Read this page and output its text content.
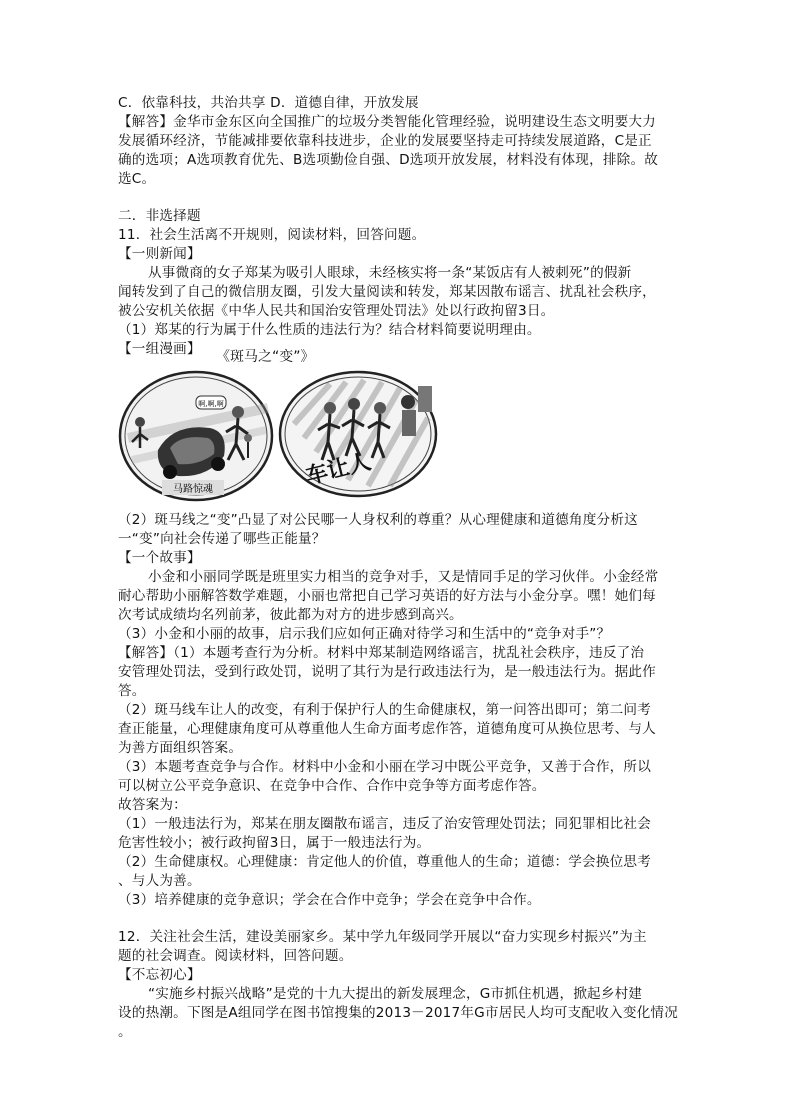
C．依靠科技，共治共享 D．道德自律，开放发展
【解答】金华市金东区向全国推广的垃圾分类智能化管理经验，说明建设生态文明要大力
发展循环经济，节能减排要依靠科技进步，企业的发展要坚持走可持续发展道路，C是正
确的选项；A选项教育优先、B选项勤俭自强、D选项开放发展，材料没有体现，排除。故
选C。
二．非选择题
11．社会生活离不开规则，阅读材料，回答问题。
【一则新闻】
从事微商的女子郑某为吸引人眼球，未经核实将一条“某饭店有人被刺死”的假新
闻转发到了自己的微信朋友圈，引发大量阅读和转发，郑某因散布谣言、扰乱社会秩序，
被公安机关依据《中华人民共和国治安管理处罚法》处以行政拘留3日。
（1）郑某的行为属于什么性质的违法行为？结合材料简要说明理由。
【一组漫画】	《斑马之“变”》
啊,啊,啊
马路惊魂	车让人
（2）斑马线之“变”凸显了对公民哪一人身权利的尊重？从心理健康和道德角度分析这
一“变”向社会传递了哪些正能量？
【一个故事】
小金和小丽同学既是班里实力相当的竞争对手，又是情同手足的学习伙伴。小金经常
耐心帮助小丽解答数学难题，小丽也常把自己学习英语的好方法与小金分享。嘿！她们每
次考试成绩均名列前茅，彼此都为对方的进步感到高兴。
（3）小金和小丽的故事，启示我们应如何正确对待学习和生活中的“竞争对手”？
【解答】（1）本题考查行为分析。材料中郑某制造网络谣言，扰乱社会秩序，违反了治
安管理处罚法，受到行政处罚，说明了其行为是行政违法行为，是一般违法行为。据此作
答。
（2）斑马线车让人的改变，有利于保护行人的生命健康权，第一问答出即可；第二问考
查正能量，心理健康角度可从尊重他人生命方面考虑作答，道德角度可从换位思考、与人
为善方面组织答案。
（3）本题考查竞争与合作。材料中小金和小丽在学习中既公平竞争，又善于合作，所以
可以树立公平竞争意识、在竞争中合作、合作中竞争等方面考虑作答。
故答案为：
（1）一般违法行为，郑某在朋友圈散布谣言，违反了治安管理处罚法；同犯罪相比社会
危害性较小；被行政拘留3日，属于一般违法行为。
（2）生命健康权。心理健康：肯定他人的价值，尊重他人的生命；道德：学会换位思考
、与人为善。
（3）培养健康的竞争意识；学会在合作中竞争；学会在竞争中合作。
12．关注社会生活，建设美丽家乡。某中学九年级同学开展以“奋力实现乡村振兴”为主
题的社会调查。阅读材料，回答问题。
【不忘初心】
“实施乡村振兴战略”是党的十九大提出的新发展理念，G市抓住机遇，掀起乡村建
设的热潮。下图是A组同学在图书馆搜集的2013－2017年G市居民人均可支配收入变化情况
。
